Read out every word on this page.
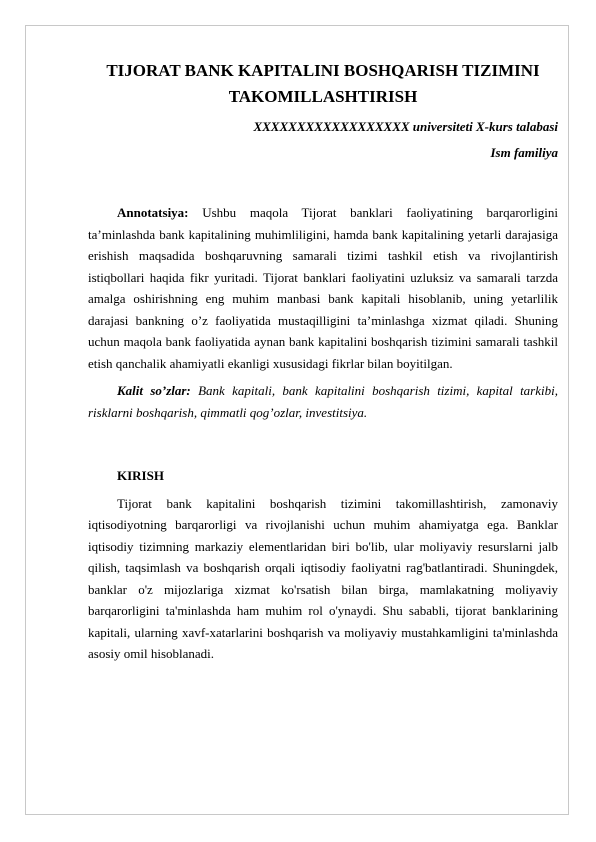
TIJORAT BANK KAPITALINI BOSHQARISH TIZIMINI TAKOMILLASHTIRISH

XXXXXXXXXXXXXXXXXX universiteti X-kurs talabasi

Ism familiya

Annotatsiya: Ushbu maqola Tijorat banklari faoliyatining barqarorligini ta’minlashda bank kapitalining muhimliligini, hamda bank kapitalining yetarli darajasiga erishish maqsadida boshqaruvning samarali tizimi tashkil etish va rivojlantirish istiqbollari haqida fikr yuritadi. Tijorat banklari faoliyatini uzluksiz va samarali tarzda amalga oshirishning eng muhim manbasi bank kapitali hisoblanib, uning yetarlilik darajasi bankning o’z faoliyatida mustaqilligini ta’minlashga xizmat qiladi. Shuning uchun maqola bank faoliyatida aynan bank kapitalini boshqarish tizimini samarali tashkil etish qanchalik ahamiyatli ekanligi xususidagi fikrlar bilan boyitilgan.

Kalit so’zlar: Bank kapitali, bank kapitalini boshqarish tizimi, kapital tarkibi, risklarni boshqarish, qimmatli qog’ozlar, investitsiya.

KIRISH

Tijorat bank kapitalini boshqarish tizimini takomillashtirish, zamonaviy iqtisodiyotning barqarorligi va rivojlanishi uchun muhim ahamiyatga ega. Banklar iqtisodiy tizimning markaziy elementlaridan biri bo'lib, ular moliyaviy resurslarni jalb qilish, taqsimlash va boshqarish orqali iqtisodiy faoliyatni rag'batlantiradi. Shuningdek, banklar o'z mijozlariga xizmat ko'rsatish bilan birga, mamlakatning moliyaviy barqarorligini ta'minlashda ham muhim rol o'ynaydi. Shu sababli, tijorat banklarining kapitali, ularning xavf-xatarlarini boshqarish va moliyaviy mustahkamligini ta'minlashda asosiy omil hisoblanadi.
